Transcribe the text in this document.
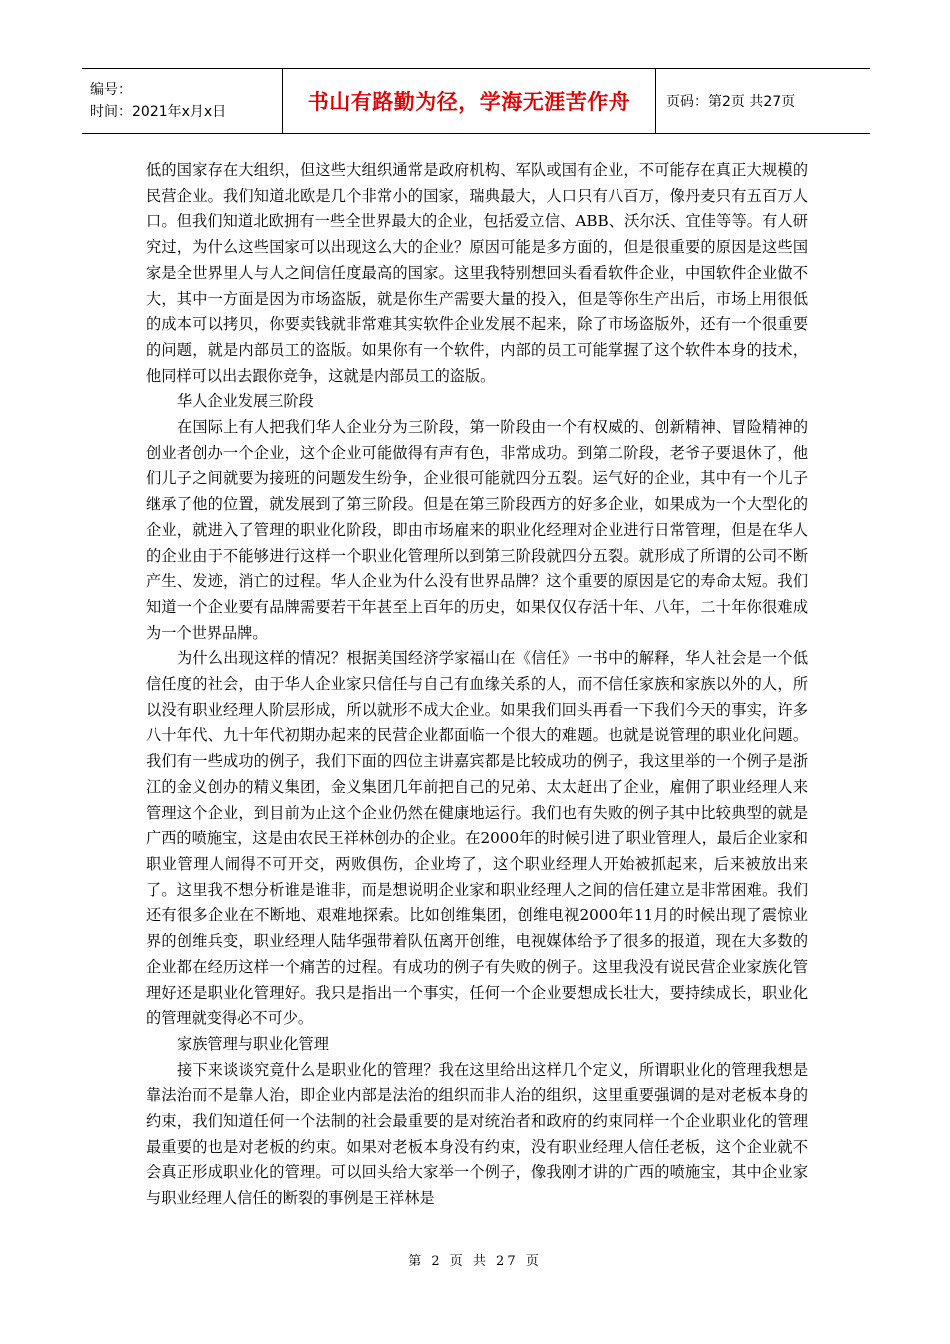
编号：
时间：2021年x月x日	书山有路勤为径，学海无涯苦作舟	页码：第2页 共27页

低的国家存在大组织，但这些大组织通常是政府机构、军队或国有企业，不可能存在真正大规模的民营企业。我们知道北欧是几个非常小的国家，瑞典最大，人口只有八百万，像丹麦只有五百万人口。但我们知道北欧拥有一些全世界最大的企业，包括爱立信、ABB、沃尔沃、宜佳等等。有人研究过，为什么这些国家可以出现这么大的企业？原因可能是多方面的，但是很重要的原因是这些国家是全世界里人与人之间信任度最高的国家。这里我特别想回头看看软件企业，中国软件企业做不大，其中一方面是因为市场盗版，就是你生产需要大量的投入，但是等你生产出后，市场上用很低的成本可以拷贝，你要卖钱就非常难其实软件企业发展不起来，除了市场盗版外，还有一个很重要的问题，就是内部员工的盗版。如果你有一个软件，内部的员工可能掌握了这个软件本身的技术，他同样可以出去跟你竞争，这就是内部员工的盗版。

华人企业发展三阶段

在国际上有人把我们华人企业分为三阶段，第一阶段由一个有权威的、创新精神、冒险精神的创业者创办一个企业，这个企业可能做得有声有色，非常成功。到第二阶段，老爷子要退休了，他们儿子之间就要为接班的问题发生纷争，企业很可能就四分五裂。运气好的企业，其中有一个儿子继承了他的位置，就发展到了第三阶段。但是在第三阶段西方的好多企业，如果成为一个大型化的企业，就进入了管理的职业化阶段，即由市场雇来的职业化经理对企业进行日常管理，但是在华人的企业由于不能够进行这样一个职业化管理所以到第三阶段就四分五裂。就形成了所谓的公司不断产生、发迹，消亡的过程。华人企业为什么没有世界品牌？这个重要的原因是它的寿命太短。我们知道一个企业要有品牌需要若干年甚至上百年的历史，如果仅仅存活十年、八年，二十年你很难成为一个世界品牌。

为什么出现这样的情况？根据美国经济学家福山在《信任》一书中的解释，华人社会是一个低信任度的社会，由于华人企业家只信任与自己有血缘关系的人，而不信任家族和家族以外的人，所以没有职业经理人阶层形成，所以就形不成大企业。如果我们回头再看一下我们今天的事实，许多八十年代、九十年代初期办起来的民营企业都面临一个很大的难题。也就是说管理的职业化问题。我们有一些成功的例子，我们下面的四位主讲嘉宾都是比较成功的例子，我这里举的一个例子是浙江的金义创办的精义集团，金义集团几年前把自己的兄弟、太太赶出了企业，雇佣了职业经理人来管理这个企业，到目前为止这个企业仍然在健康地运行。我们也有失败的例子其中比较典型的就是广西的喷施宝，这是由农民王祥林创办的企业。在2000年的时候引进了职业管理人，最后企业家和职业管理人闹得不可开交，两败俱伤，企业垮了，这个职业经理人开始被抓起来，后来被放出来了。这里我不想分析谁是谁非，而是想说明企业家和职业经理人之间的信任建立是非常困难。我们还有很多企业在不断地、艰难地探索。比如创维集团，创维电视2000年11月的时候出现了震惊业界的创维兵变，职业经理人陆华强带着队伍离开创维，电视媒体给予了很多的报道，现在大多数的企业都在经历这样一个痛苦的过程。有成功的例子有失败的例子。这里我没有说民营企业家族化管理好还是职业化管理好。我只是指出一个事实，任何一个企业要想成长壮大，要持续成长，职业化的管理就变得必不可少。

家族管理与职业化管理

接下来谈谈究竟什么是职业化的管理？我在这里给出这样几个定义，所谓职业化的管理我想是靠法治而不是靠人治，即企业内部是法治的组织而非人治的组织，这里重要强调的是对老板本身的约束，我们知道任何一个法制的社会最重要的是对统治者和政府的约束同样一个企业职业化的管理最重要的也是对老板的约束。如果对老板本身没有约束，没有职业经理人信任老板，这个企业就不会真正形成职业化的管理。可以回头给大家举一个例子，像我刚才讲的广西的喷施宝，其中企业家与职业经理人信任的断裂的事例是王祥林是

第 2 页 共 27 页
